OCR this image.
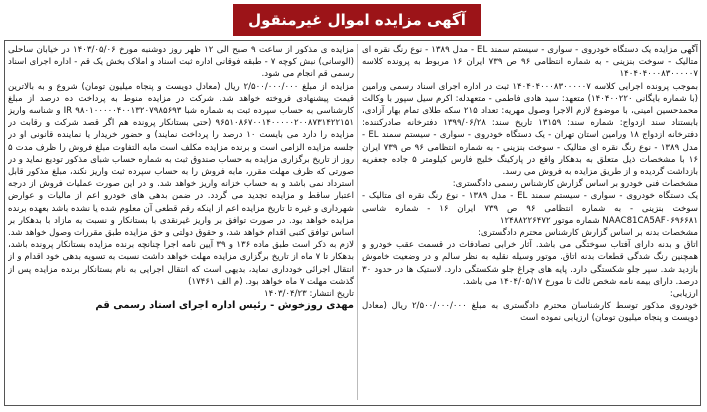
آگهی مزایده اموال غیرمنقول

آگهی مزایده یک دستگاه خودروی - سواری - سیستم سمند EL - مدل ۱۳۸۹ - نوع رنگ نقره ای متالیک - سوخت بنزینی - به شماره انتظامی ۹۶ ص ۷۳۹ ایران ۱۶ مربوط به پرونده کلاسه ۱۴۰۴۰۴۰۰۰۸۳۰۰۰۰۰۷

بموجب پرونده اجرایی کلاسه ۱۴۰۴۰۴۰۰۰۸۳۰۰۰۰۰۷ ثبت در اداره اجرای اسناد رسمی ورامین (با شماره بایگانی ۱۴۰۴۰۰۲۲۰) متعهد: سید هادی فاطمی - متعهدله: اکرم سیل سپور با وکالت محمدحسین امینی، با موضوع لازم الاجرا وصول مهریه: تعداد ۲۱۵ سکه طلای تمام بهار آزادی، بابستناد سند ازدواج: شماره سند: ۱۳۱۵۹ تاریخ سند: ۱۳۹۹/۰۶/۲۸ دفترخانه صادرکننده: دفترخانه ازدواج ۱۸ ورامین استان تهران - یک دستگاه خودروی - سواری - سیستم سمند EL - مدل ۱۳۸۹ - نوع رنگ نقره ای متالیک - سوخت بنزینی - به شماره انتظامی ۹۶ ص ۷۳۹ ایران ۱۶ با مشخصات ذیل متعلق به بدهکار واقع در پارکینگ خلیج فارس کیلومتر ۵ جاده جعفریه بازداشت گردیده و از طریق مزایده به فروش می رسد.

مشخصات فنی خودرو بر اساس گزارش کارشناس رسمی دادگستری:

یک دستگاه خودروی - سواری - سیستم سمند EL - مدل ۱۳۸۹ - نوع رنگ نقره ای متالیک - سوخت بنزینی - به شماره انتظامی ۹۶ ص ۷۳۹ ایران ۱۶ - شماره شاسی NAAC81CA5AF۰۶۹۶۶۸۱ شماره موتور ۱۲۴۸۸۲۲۶۴۷۲

مشخصات بدنه بر اساس گزارش کارشناس محترم دادگستری:

اتاق و بدنه دارای آفتاب سوختگی می باشد. آثار خرابی تصادفات در قسمت عقب خودرو و همچنین رنگ شدگی قطعات بدنه اتاق. موتور وسیله نقلیه به نظر سالم و در وضعیت خاموش بازدید شد. سپر جلو شکستگی دارد. پایه های چراغ جلو شکستگی دارد. لاستیک ها در حدود ۳۰ درصد. دارای بیمه نامه شخص ثالث تا مورخ ۱۴۰۴/۰۵/۱۷ می باشد.

ارزیابی:

خودروی مذکور توسط کارشناسان محترم دادگستری به مبلغ ۲/۵۰۰/۰۰۰/۰۰۰ ریال (معادل دویست و پنجاه میلیون تومان) ارزیابی نموده است

مزایده ی مذکور از ساعت ۹ صبح الی ۱۲ ظهر روز دوشنبه مورخ ۱۴۰۳/۰۵/۰۶ در خیابان ساحلی (الوسانی) نبش کوچه ۷ - طبقه فوقانی اداره ثبت اسناد و املاک بخش یک قم - اداره اجرای اسناد رسمی قم انجام می شود.

مزایده از مبلغ ۲/۵۰۰/۰۰۰/۰۰۰ ریال (معادل دویست و پنجاه میلیون تومان) شروع و به بالاترین قیمت پیشنهادی فروخته خواهد شد. شرکت در مزایده منوط به پرداخت ده درصد از مبلغ کارشناسی به حساب سپرده ثبت به شماره شبا IR ۹۸۰۱۰۰۰۰۰۴۰۰۱۳۲۰۷۹۸۵۶۹۳ و شناسه واریز ۹۶۵۱۰۸۶۷۰۰۱۴۰۰۰۰۰۲۰۰۸۷۳۱۴۲۲۱۵۱ (حتی بستانکار پرونده هم اگر قصد شرکت و رقابت در مزایده را دارد می بایست ۱۰ درصد را پرداخت نمایند) و حضور خریدار یا نماینده قانونی او در جلسه مزایده الزامی است و برنده مزایده مکلف است مابه التفاوت مبلغ فروش را ظرف مدت ۵ روز از تاریخ برگزاری مزایده به حساب صندوق ثبت به شماره حساب شبای مذکور تودیع نماید و در صورتی که ظرف مهلت مقرر، مابه فروش را به حساب سپرده ثبت واریز نکند، مبلغ مذکور قابل استرداد نمی باشد و به حساب خزانه واریز خواهد شد. و در این صورت عملیات فروش از درجه اعتبار ساقط و مزایده تجدید می گردد. در ضمن بدهی های خودرو اعم از مالیات و عوارض شهرداری و غیره تا تاریخ مزایده اعم از اینکه رقم قطعی آن معلوم شده یا نشده باشد بعهده برنده مزایده خواهد بود. در صورت توافق بر واریز غیرنقدی با بستانکار و نسبت به مازاد با بدهکار بر اساس توافق کتبی اقدام خواهد شد، و حقوق دولتی و حق مزایده طبق مقررات وصول خواهد شد. لازم به ذکر است طبق ماده ۱۳۶ و ۳۹ آیین نامه اجرا چنانچه برنده مزایده بستانکار پرونده باشد، بدهکار تا ۷ ماه از تاریخ برگزاری مزایده مهلت خواهد داشت نسبت به تسویه بدهی خود اقدام و از انتقال اجرائی خودداری نماید، بدیهی است که انتقال اجرایی به نام بستانکار برنده مزایده پس از گذشت مهلت ۷ ماه خواهد بود. (م الف ۱۷۴۶۱)

تاریخ انتشار: ۱۴۰۳/۰۴/۲۳

مهدی روزخوش - رئیس اداره اجرای اسناد رسمی قم
